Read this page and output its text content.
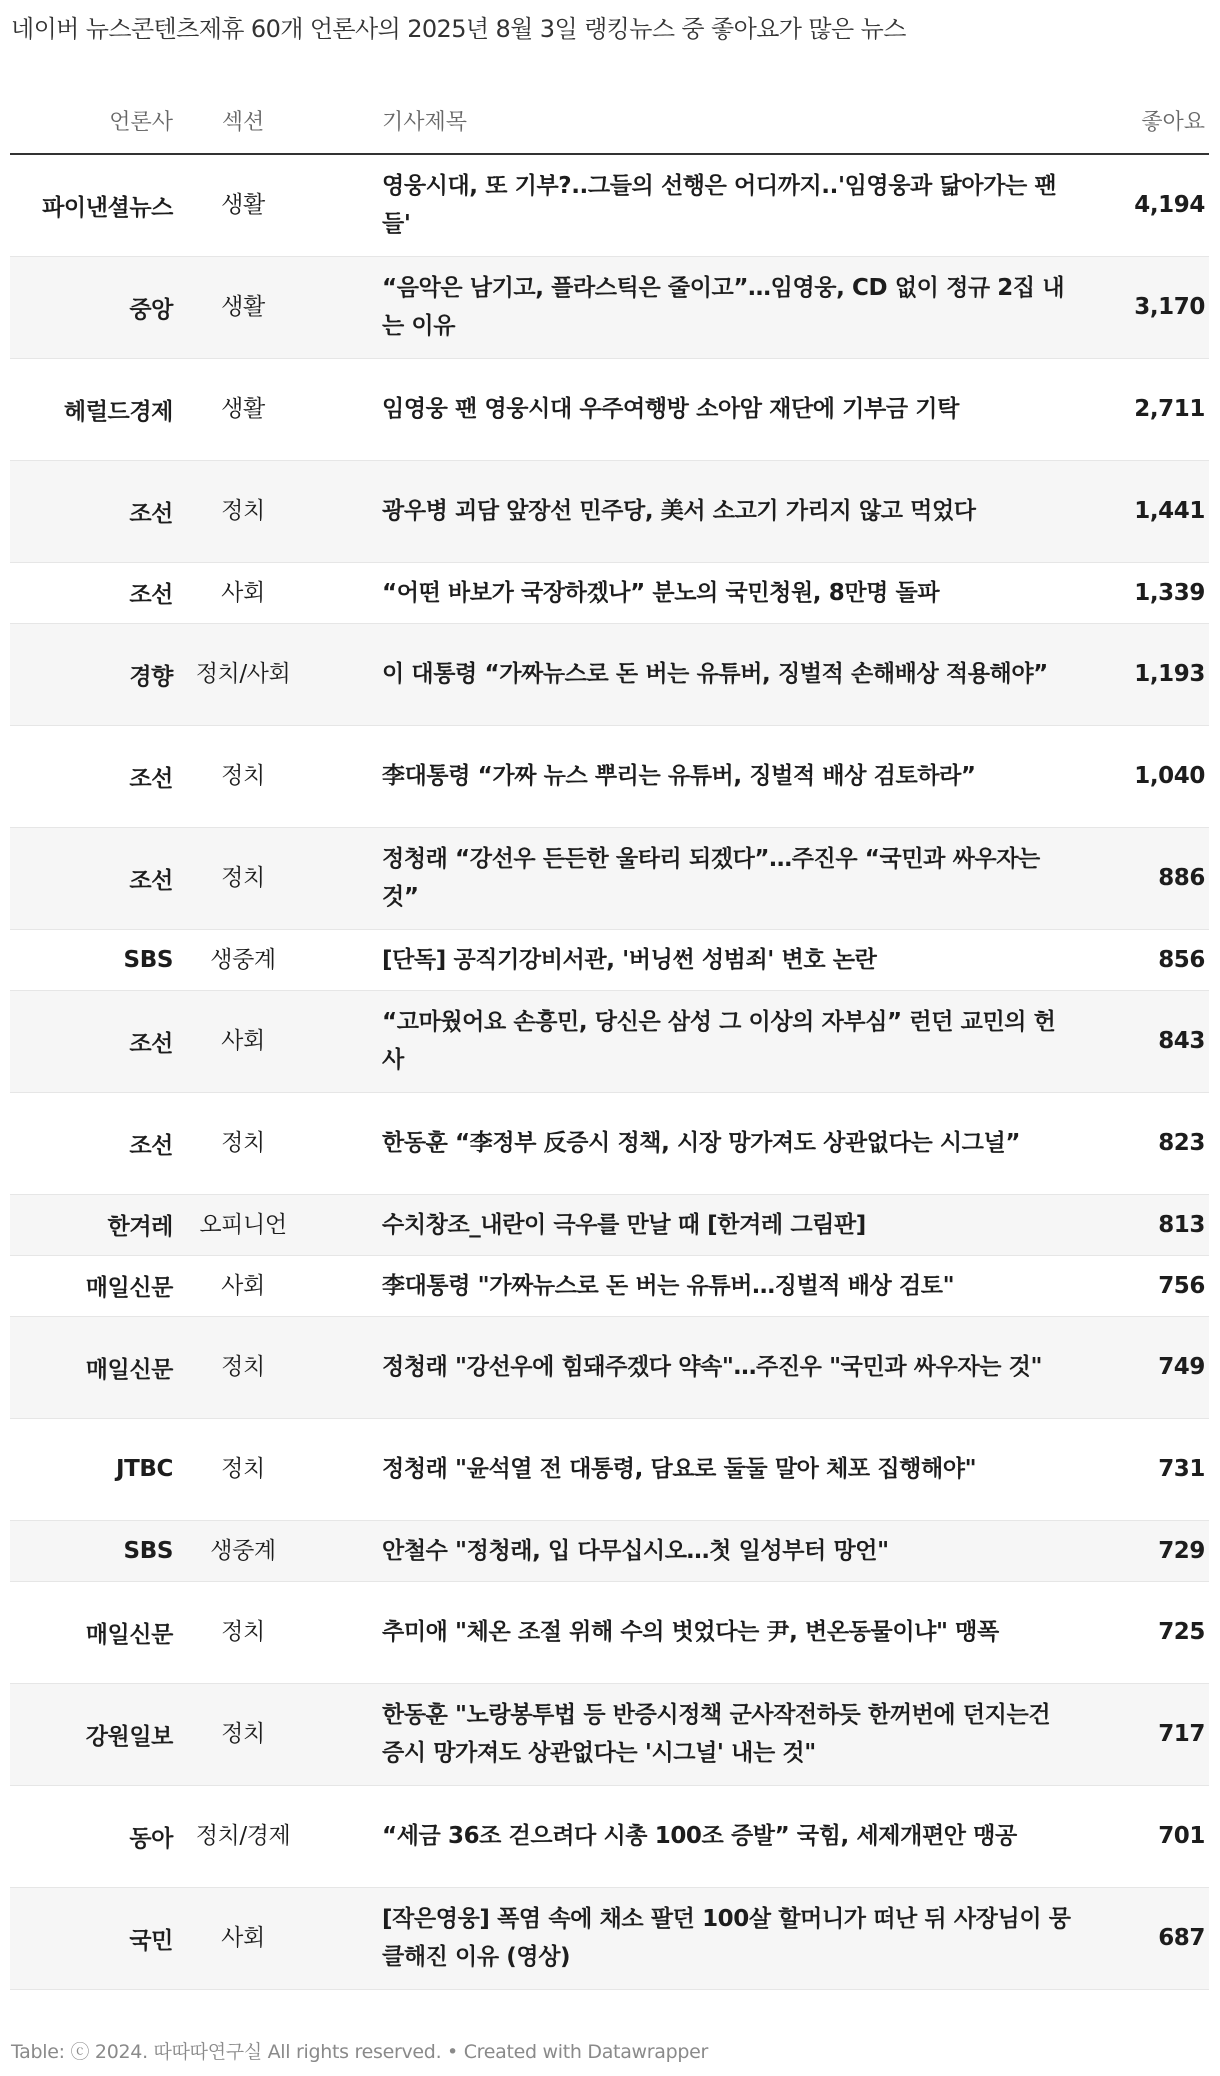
네이버 뉴스콘텐츠제휴 60개 언론사의 2025년 8월 3일 랭킹뉴스 중 좋아요가 많은 뉴스
언론사	섹션	기사제목	좋아요
파이낸셜뉴스	생활	영웅시대, 또 기부?..그들의 선행은 어디까지..'임영웅과 닮아가는 팬들'	4,194
중앙	생활	“음악은 남기고, 플라스틱은 줄이고”…임영웅, CD 없이 정규 2집 내는 이유	3,170
헤럴드경제	생활	임영웅 팬 영웅시대 우주여행방 소아암 재단에 기부금 기탁	2,711
조선	정치	광우병 괴담 앞장선 민주당, 美서 소고기 가리지 않고 먹었다	1,441
조선	사회	“어떤 바보가 국장하겠나” 분노의 국민청원, 8만명 돌파	1,339
경향	정치/사회	이 대통령 “가짜뉴스로 돈 버는 유튜버, 징벌적 손해배상 적용해야”	1,193
조선	정치	李대통령 “가짜 뉴스 뿌리는 유튜버, 징벌적 배상 검토하라”	1,040
조선	정치	정청래 “강선우 든든한 울타리 되겠다”…주진우 “국민과 싸우자는 것”	886
SBS	생중계	[단독] 공직기강비서관, '버닝썬 성범죄' 변호 논란	856
조선	사회	“고마웠어요 손흥민, 당신은 삼성 그 이상의 자부심” 런던 교민의 헌사	843
조선	정치	한동훈 “李정부 反증시 정책, 시장 망가져도 상관없다는 시그널”	823
한겨레	오피니언	수치창조_내란이 극우를 만날 때 [한겨레 그림판]	813
매일신문	사회	李대통령 "가짜뉴스로 돈 버는 유튜버…징벌적 배상 검토"	756
매일신문	정치	정청래 "강선우에 힘돼주겠다 약속"…주진우 "국민과 싸우자는 것"	749
JTBC	정치	정청래 "윤석열 전 대통령, 담요로 둘둘 말아 체포 집행해야"	731
SBS	생중계	안철수 "정청래, 입 다무십시오…첫 일성부터 망언"	729
매일신문	정치	추미애 "체온 조절 위해 수의 벗었다는 尹, 변온동물이냐" 맹폭	725
강원일보	정치	한동훈 "노랑봉투법 등 반증시정책 군사작전하듯 한꺼번에 던지는건 증시 망가져도 상관없다는 '시그널' 내는 것"	717
동아	정치/경제	“세금 36조 걷으려다 시총 100조 증발” 국힘, 세제개편안 맹공	701
국민	사회	[작은영웅] 폭염 속에 채소 팔던 100살 할머니가 떠난 뒤 사장님이 뭉클해진 이유 (영상)	687
Table: ⓒ 2024. 따따따연구실 All rights reserved. • Created with Datawrapper
